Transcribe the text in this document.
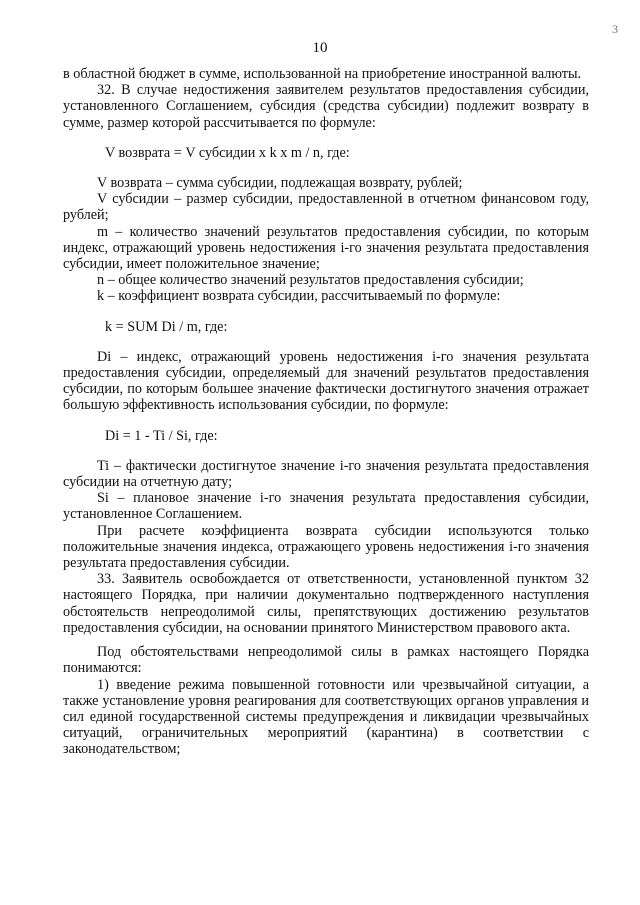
3
10

в областной бюджет в сумме, использованной на приобретение иностранной валюты.

32. В случае недостижения заявителем результатов предоставления субсидии, установленного Соглашением, субсидия (средства субсидии) подлежит возврату в сумме, размер которой рассчитывается по формуле:

V возврата = V субсидии x k x m / n, где:

V возврата – сумма субсидии, подлежащая возврату, рублей;

V субсидии – размер субсидии, предоставленной в отчетном финансовом году, рублей;

m – количество значений результатов предоставления субсидии, по которым индекс, отражающий уровень недостижения i-го значения результата предоставления субсидии, имеет положительное значение;

n – общее количество значений результатов предоставления субсидии;

k – коэффициент возврата субсидии, рассчитываемый по формуле:

k = SUM Di / m, где:

Di – индекс, отражающий уровень недостижения i-го значения результата предоставления субсидии, определяемый для значений результатов предоставления субсидии, по которым большее значение фактически достигнутого значения отражает большую эффективность использования субсидии, по формуле:

Di = 1 - Ti / Si, где:

Ti – фактически достигнутое значение i-го значения результата предоставления субсидии на отчетную дату;

Si – плановое значение i-го значения результата предоставления субсидии, установленное Соглашением.

При расчете коэффициента возврата субсидии используются только положительные значения индекса, отражающего уровень недостижения i-го значения результата предоставления субсидии.

33. Заявитель освобождается от ответственности, установленной пунктом 32 настоящего Порядка, при наличии документально подтвержденного наступления обстоятельств непреодолимой силы, препятствующих достижению результатов предоставления субсидии, на основании принятого Министерством правового акта.

Под обстоятельствами непреодолимой силы в рамках настоящего Порядка понимаются:

1) введение режима повышенной готовности или чрезвычайной ситуации, а также установление уровня реагирования для соответствующих органов управления и сил единой государственной системы предупреждения и ликвидации чрезвычайных ситуаций, ограничительных мероприятий (карантина) в соответствии с законодательством;
